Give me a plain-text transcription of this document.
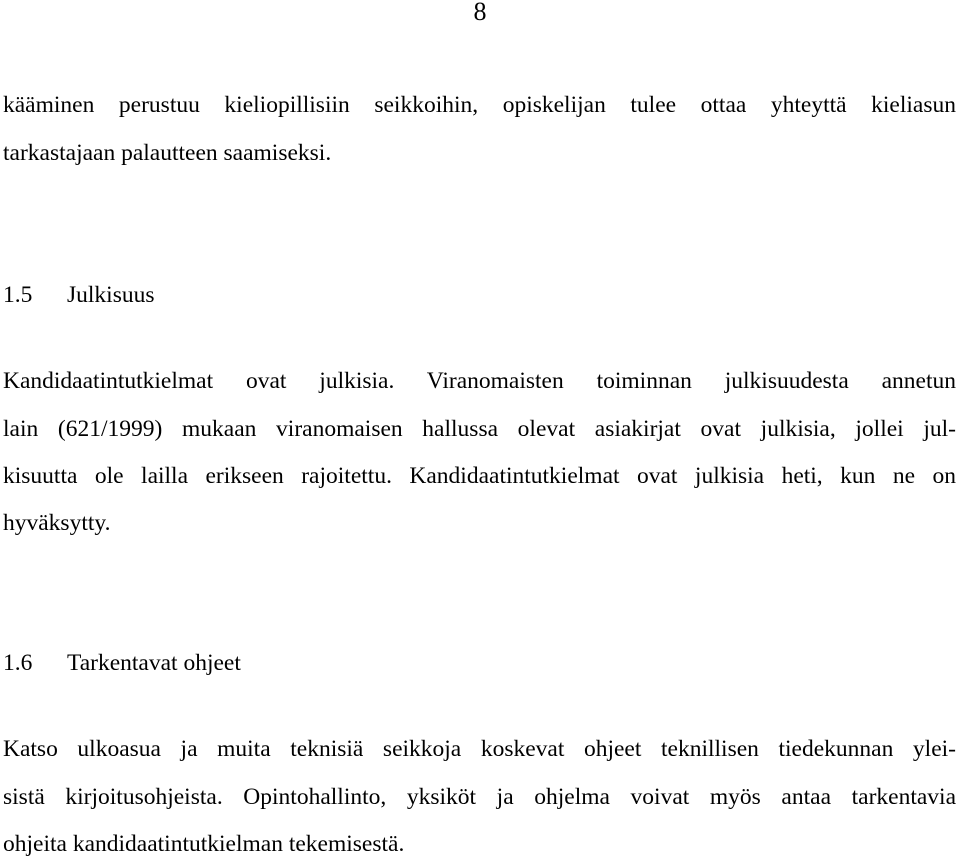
8
kääminen perustuu kieliopillisiin seikkoihin, opiskelijan tulee ottaa yhteyttä kieliasun
tarkastajaan palautteen saamiseksi.
1.5 Julkisuus
Kandidaatintutkielmat ovat julkisia. Viranomaisten toiminnan julkisuudesta annetun
lain (621/1999) mukaan viranomaisen hallussa olevat asiakirjat ovat julkisia, jollei jul-
kisuutta ole lailla erikseen rajoitettu. Kandidaatintutkielmat ovat julkisia heti, kun ne on
hyväksytty.
1.6 Tarkentavat ohjeet
Katso ulkoasua ja muita teknisiä seikkoja koskevat ohjeet teknillisen tiedekunnan ylei-
sistä kirjoitusohjeista. Opintohallinto, yksiköt ja ohjelma voivat myös antaa tarkentavia
ohjeita kandidaatintutkielman tekemisestä.
